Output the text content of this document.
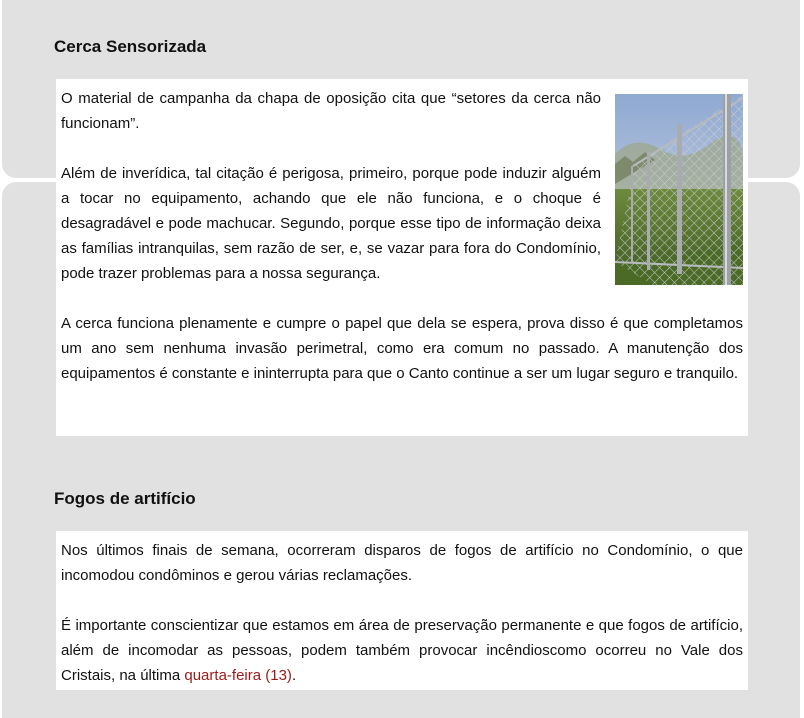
Cerca Sensorizada

O material de campanha da chapa de oposição cita que “setores da cerca não funcionam”.

Além de inverídica, tal citação é perigosa, primeiro, porque pode induzir alguém a tocar no equipamento, achando que ele não funciona, e o choque é desagradável e pode machucar. Segundo, porque esse tipo de informação deixa as famílias intranquilas, sem razão de ser, e, se vazar para fora do Condomínio, pode trazer problemas para a nossa segurança.

A cerca funciona plenamente e cumpre o papel que dela se espera, prova disso é que completamos um ano sem nenhuma invasão perimetral, como era comum no passado. A manutenção dos equipamentos é constante e ininterrupta para que o Canto continue a ser um lugar seguro e tranquilo.

Fogos de artifício

Nos últimos finais de semana, ocorreram disparos de fogos de artifício no Condomínio, o que incomodou condôminos e gerou várias reclamações.

É importante conscientizar que estamos em área de preservação permanente e que fogos de artifício, além de incomodar as pessoas, podem também provocar incêndioscomo ocorreu no Vale dos Cristais, na última quarta-feira (13).
